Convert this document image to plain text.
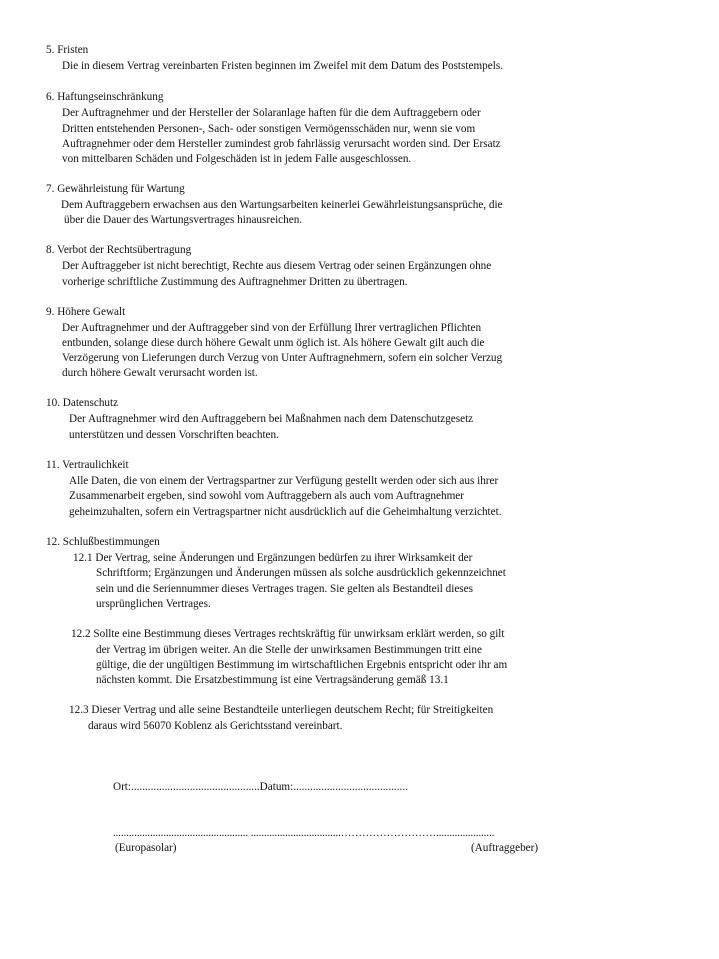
5. Fristen
Die in diesem Vertrag vereinbarten Fristen beginnen im Zweifel mit dem Datum des Poststempels.
6. Haftungseinschränkung
Der Auftragnehmer und der Hersteller der Solaranlage haften für die dem Auftraggebern oder
Dritten entstehenden Personen-, Sach- oder sonstigen Vermögensschäden nur, wenn sie vom
Auftragnehmer oder dem Hersteller zumindest grob fahrlässig verursacht worden sind. Der Ersatz
von mittelbaren Schäden und Folgeschäden ist in jedem Falle ausgeschlossen.
7. Gewährleistung für Wartung
Dem Auftraggebern erwachsen aus den Wartungsarbeiten keinerlei Gewährleistungsansprüche, die
über die Dauer des Wartungsvertrages hinausreichen.
8. Verbot der Rechtsübertragung
Der Auftraggeber ist nicht berechtigt, Rechte aus diesem Vertrag oder seinen Ergänzungen ohne
vorherige schriftliche Zustimmung des Auftragnehmer Dritten zu übertragen.
9. Höhere Gewalt
Der Auftragnehmer und der Auftraggeber sind von der Erfüllung Ihrer vertraglichen Pflichten
entbunden, solange diese durch höhere Gewalt unm öglich ist. Als höhere Gewalt gilt auch die
Verzögerung von Lieferungen durch Verzug von Unter Auftragnehmern, sofern ein solcher Verzug
durch höhere Gewalt verursacht worden ist.
10. Datenschutz
Der Auftragnehmer wird den Auftraggebern bei Maßnahmen nach dem Datenschutzgesetz
unterstützen und dessen Vorschriften beachten.
11. Vertraulichkeit
Alle Daten, die von einem der Vertragspartner zur Verfügung gestellt werden oder sich aus ihrer
Zusammenarbeit ergeben, sind sowohl vom Auftraggebern als auch vom Auftragnehmer
geheimzuhalten, sofern ein Vertragspartner nicht ausdrücklich auf die Geheimhaltung verzichtet.
12. Schlußbestimmungen
12.1 Der Vertrag, seine Änderungen und Ergänzungen bedürfen zu ihrer Wirksamkeit der
Schriftform; Ergänzungen und Änderungen müssen als solche ausdrücklich gekennzeichnet
sein und die Seriennummer dieses Vertrages tragen. Sie gelten als Bestandteil dieses
ursprünglichen Vertrages.
12.2 Sollte eine Bestimmung dieses Vertrages rechtskräftig für unwirksam erklärt werden, so gilt
der Vertrag im übrigen weiter. An die Stelle der unwirksamen Bestimmungen tritt eine
gültige, die der ungültigen Bestimmung im wirtschaftlichen Ergebnis entspricht oder ihr am
nächsten kommt. Die Ersatzbestimmung ist eine Vertragsänderung gemäß 13.1
12.3 Dieser Vertrag und alle seine Bestandteile unterliegen deutschem Recht; für Streitigkeiten
daraus wird 56070 Koblenz als Gerichtsstand vereinbart.
Ort:..............................................Datum:.........................................
................................................... ..................................………………………......................
(Europasolar)	(Auftraggeber)
